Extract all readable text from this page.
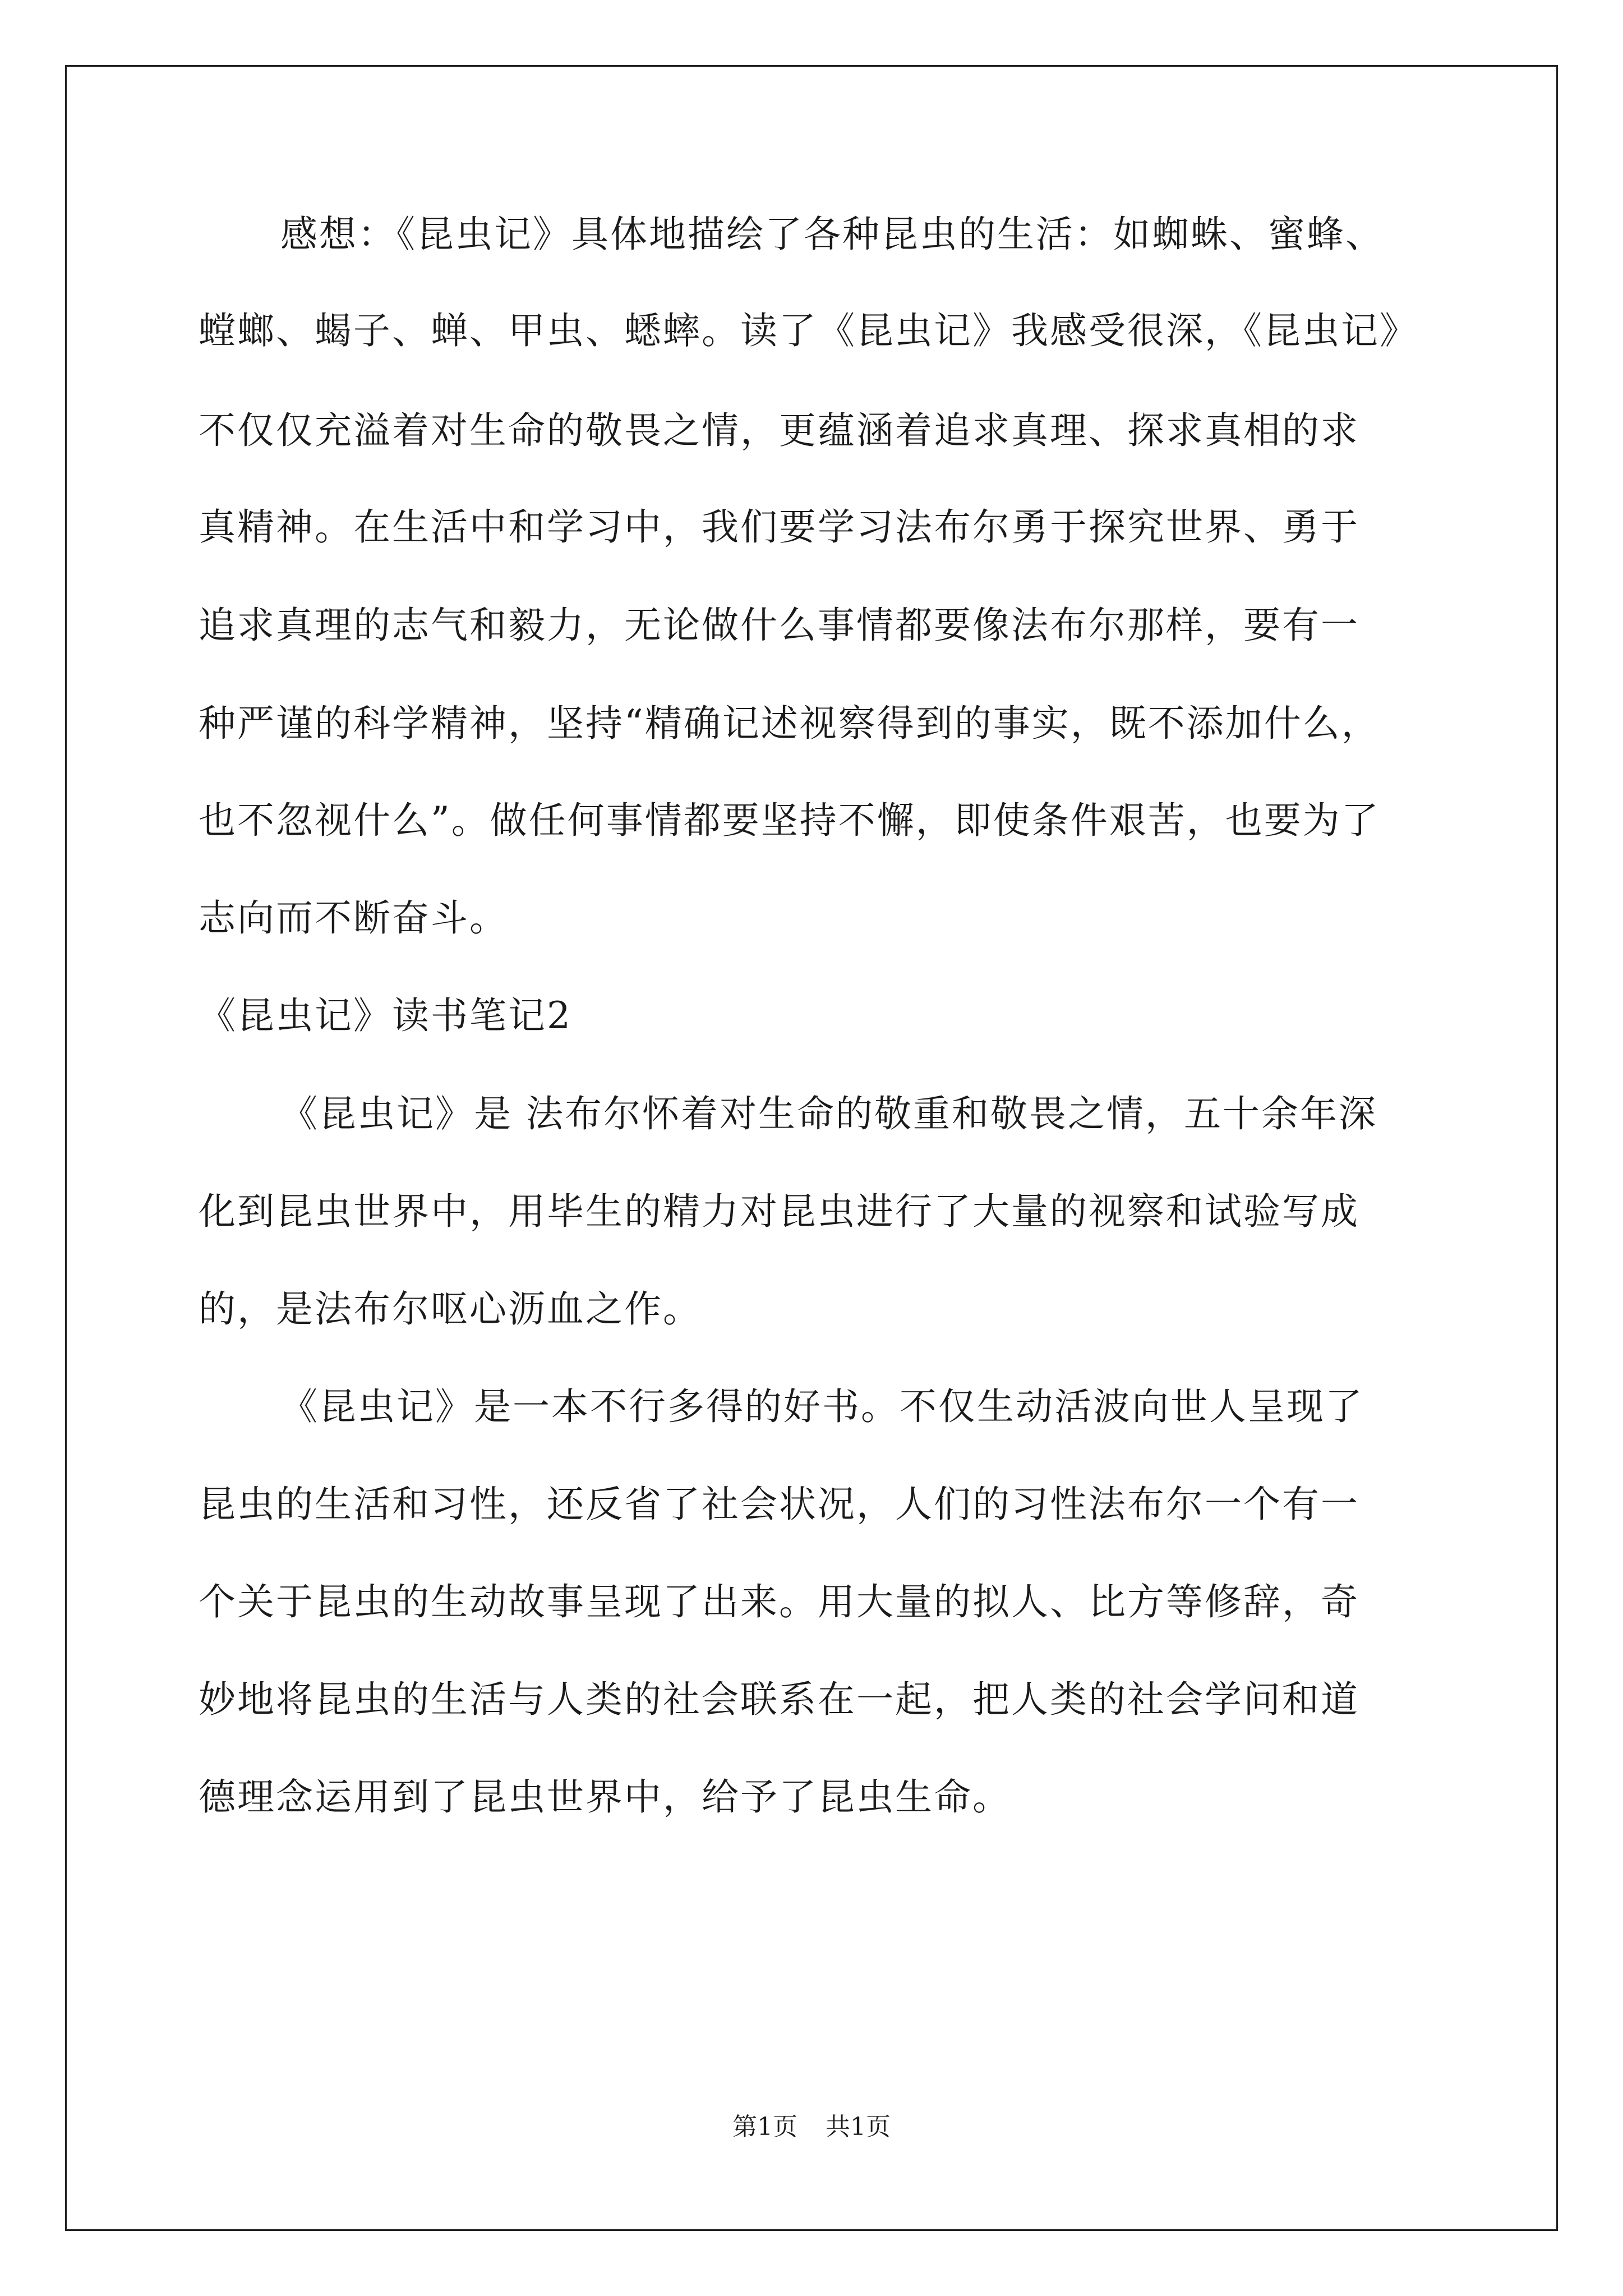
感想：《昆虫记》具体地描绘了各种昆虫的生活：如蜘蛛、蜜蜂、
螳螂、蝎子、蝉、甲虫、蟋蟀。读了《昆虫记》我感受很深，《昆虫记》
不仅仅充溢着对生命的敬畏之情，更蕴涵着追求真理、探求真相的求
真精神。在生活中和学习中，我们要学习法布尔勇于探究世界、勇于
追求真理的志气和毅力，无论做什么事情都要像法布尔那样，要有一
种严谨的科学精神，坚持“精确记述视察得到的事实，既不添加什么，
也不忽视什么”。做任何事情都要坚持不懈，即使条件艰苦，也要为了
志向而不断奋斗。
《昆虫记》读书笔记2
《昆虫记》是 法布尔怀着对生命的敬重和敬畏之情，五十余年深
化到昆虫世界中，用毕生的精力对昆虫进行了大量的视察和试验写成
的，是法布尔呕心沥血之作。
《昆虫记》是一本不行多得的好书。不仅生动活波向世人呈现了
昆虫的生活和习性，还反省了社会状况，人们的习性法布尔一个有一
个关于昆虫的生动故事呈现了出来。用大量的拟人、比方等修辞，奇
妙地将昆虫的生活与人类的社会联系在一起，把人类的社会学问和道
德理念运用到了昆虫世界中，给予了昆虫生命。
第1页 共1页
